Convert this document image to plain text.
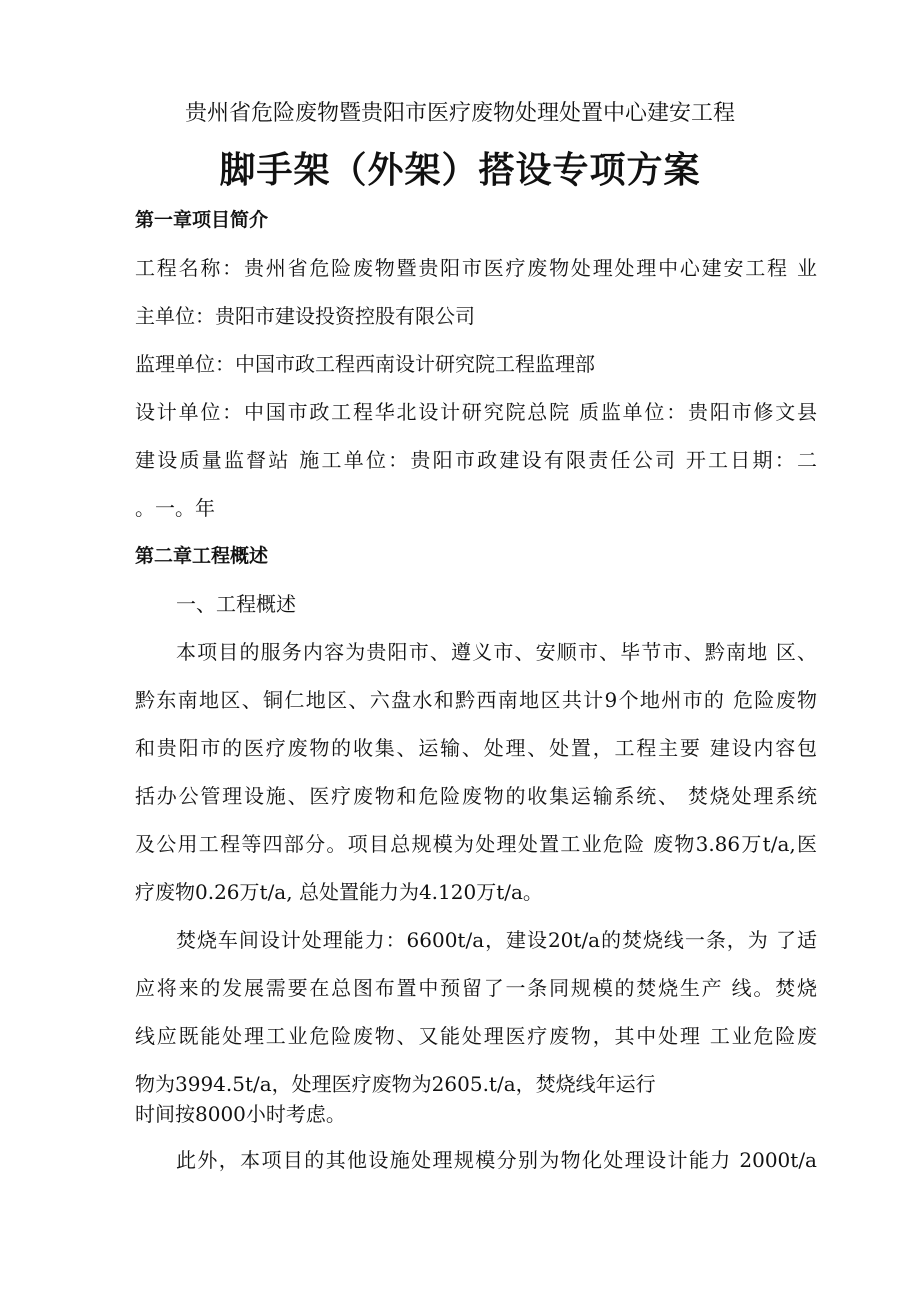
贵州省危险废物暨贵阳市医疗废物处理处置中心建安工程
脚手架（外架）搭设专项方案
第一章项目简介
工程名称：贵州省危险废物暨贵阳市医疗废物处理处理中心建安工程 业
主单位：贵阳市建设投资控股有限公司
监理单位：中国市政工程西南设计研究院工程监理部
设计单位：中国市政工程华北设计研究院总院 质监单位：贵阳市修文县
建设质量监督站 施工单位：贵阳市政建设有限责任公司 开工日期：二
。一。年
第二章工程概述
一、工程概述
本项目的服务内容为贵阳市、遵义市、安顺市、毕节市、黔南地 区、
黔东南地区、铜仁地区、六盘水和黔西南地区共计9个地州市的 危险废物
和贵阳市的医疗废物的收集、运输、处理、处置，工程主要 建设内容包
括办公管理设施、医疗废物和危险废物的收集运输系统、 焚烧处理系统
及公用工程等四部分。项目总规模为处理处置工业危险 废物3.86万t/a,医
疗废物0.26万t/a, 总处置能力为4.120万t/a。
焚烧车间设计处理能力：6600t/a，建设20t/a的焚烧线一条，为 了适
应将来的发展需要在总图布置中预留了一条同规模的焚烧生产 线。焚烧
线应既能处理工业危险废物、又能处理医疗废物，其中处理 工业危险废
物为3994.5t/a，处理医疗废物为2605.t/a，焚烧线年运行
时间按8000小时考虑。
此外，本项目的其他设施处理规模分别为物化处理设计能力 2000t/a
